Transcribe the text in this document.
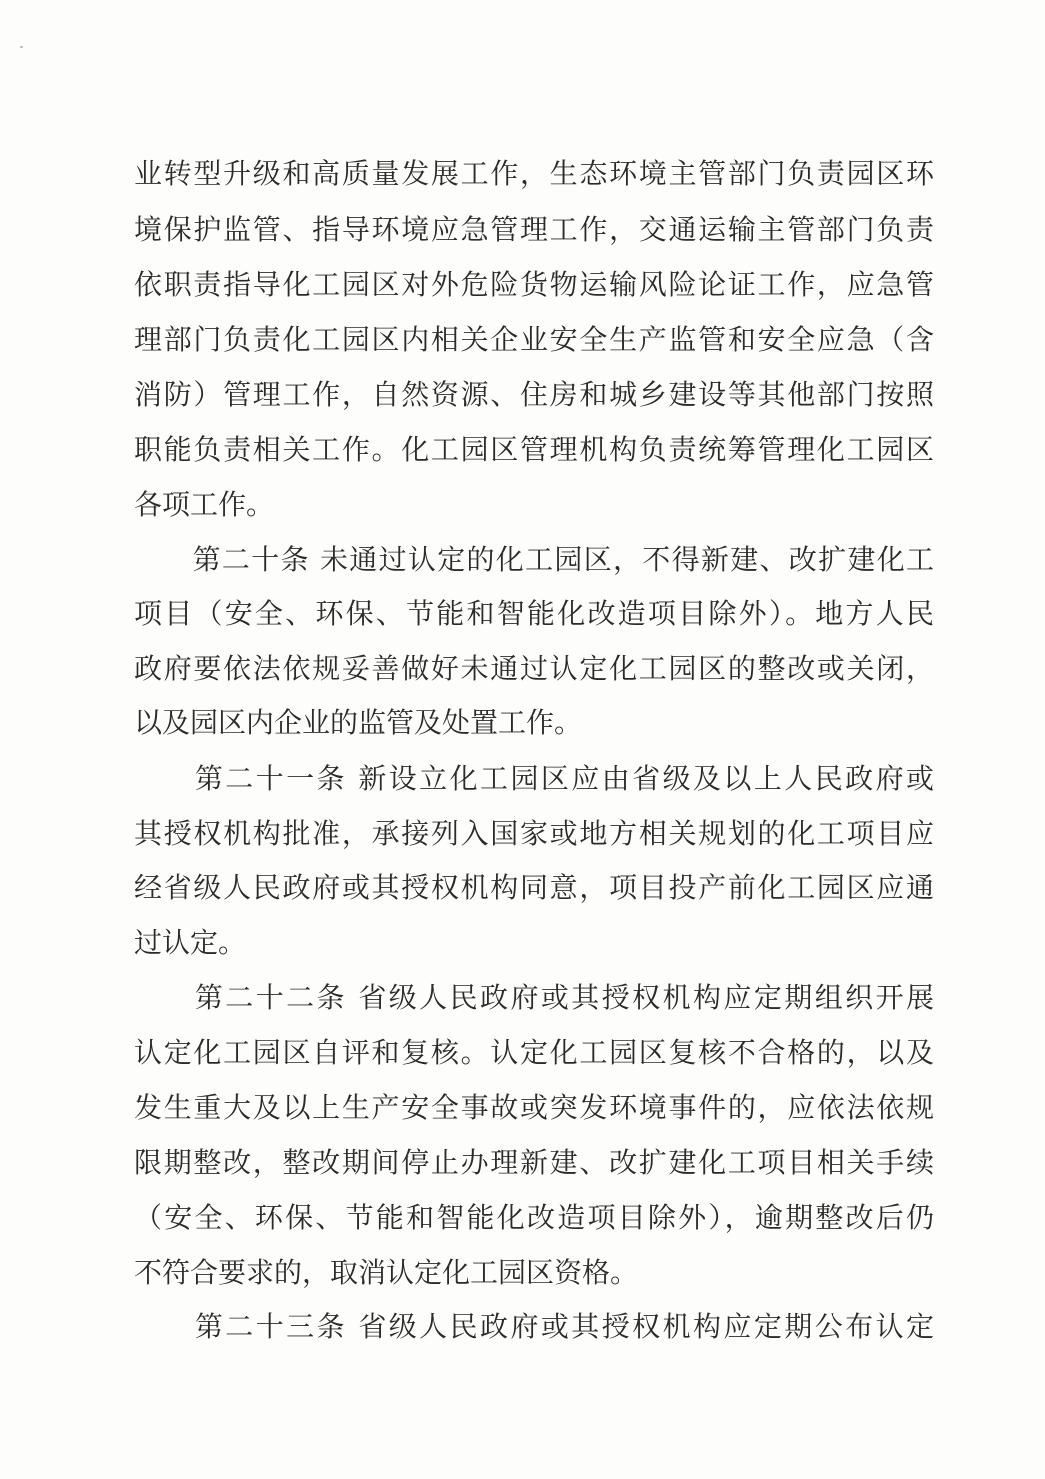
业转型升级和高质量发展工作，生态环境主管部门负责园区环
境保护监管、指导环境应急管理工作，交通运输主管部门负责
依职责指导化工园区对外危险货物运输风险论证工作，应急管
理部门负责化工园区内相关企业安全生产监管和安全应急（含
消防）管理工作，自然资源、住房和城乡建设等其他部门按照
职能负责相关工作。化工园区管理机构负责统筹管理化工园区
各项工作。
　　第二十条 未通过认定的化工园区，不得新建、改扩建化工
项目（安全、环保、节能和智能化改造项目除外）。地方人民
政府要依法依规妥善做好未通过认定化工园区的整改或关闭，
以及园区内企业的监管及处置工作。
　　第二十一条 新设立化工园区应由省级及以上人民政府或
其授权机构批准，承接列入国家或地方相关规划的化工项目应
经省级人民政府或其授权机构同意，项目投产前化工园区应通
过认定。
　　第二十二条 省级人民政府或其授权机构应定期组织开展
认定化工园区自评和复核。认定化工园区复核不合格的，以及
发生重大及以上生产安全事故或突发环境事件的，应依法依规
限期整改，整改期间停止办理新建、改扩建化工项目相关手续
（安全、环保、节能和智能化改造项目除外），逾期整改后仍
不符合要求的，取消认定化工园区资格。
　　第二十三条 省级人民政府或其授权机构应定期公布认定
